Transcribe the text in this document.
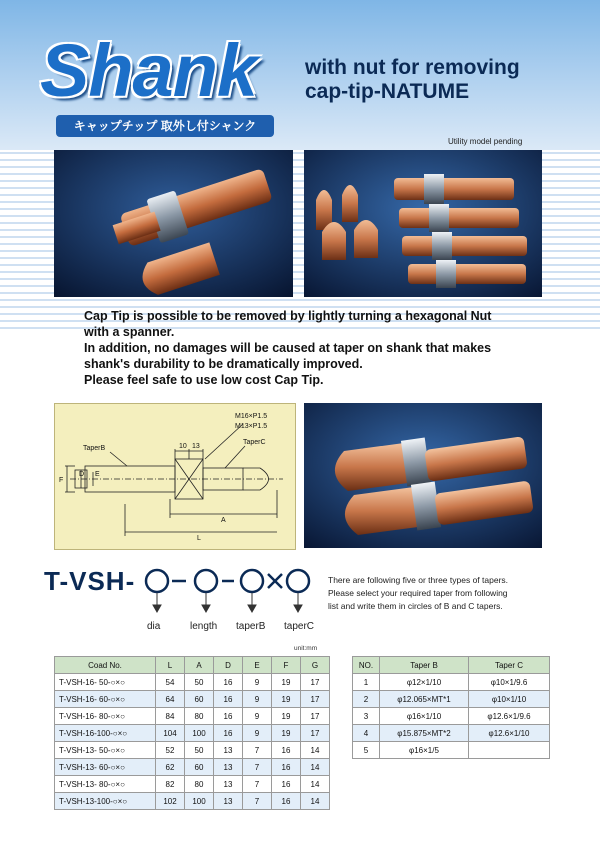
Shank with nut for removing
cap-tip-NATUME
キャップチップ 取外し付シャンク
Utility model pending
Cap Tip is possible to be removed by lightly turning a hexagonal Nut
with a spanner.
In addition, no damages will be caused at taper on shank that makes
shank's durability to be dramatically improved.
Please feel safe to use low cost Cap Tip.
TaperB
TaperC
M16×P1.5
M13×P1.5
10 13
A
L
F
D E
T-VSH-
dia	length taperB taperC
There are following five or three types of tapers.
Please select your required taper from following
list and write them in circles of B and C tapers.
unit:mm
Coad No.	L	A	D	E	F	G
T-VSH-16- 50-○×○	54	50	16	9	19	17
T-VSH-16- 60-○×○	64	60	16	9	19	17
T-VSH-16- 80-○×○	84	80	16	9	19	17
T-VSH-16-100-○×○	104	100	16	9	19	17
T-VSH-13- 50-○×○	52	50	13	7	16	14
T-VSH-13- 60-○×○	62	60	13	7	16	14
T-VSH-13- 80-○×○	82	80	13	7	16	14
T-VSH-13-100-○×○	102	100	13	7	16	14
NO.	Taper B	Taper C
1	φ12×1/10	φ10×1/9.6
2	φ12.065×MT*1	φ10×1/10
3	φ16×1/10	φ12.6×1/9.6
4	φ15.875×MT*2	φ12.6×1/10
5	φ16×1/5	
